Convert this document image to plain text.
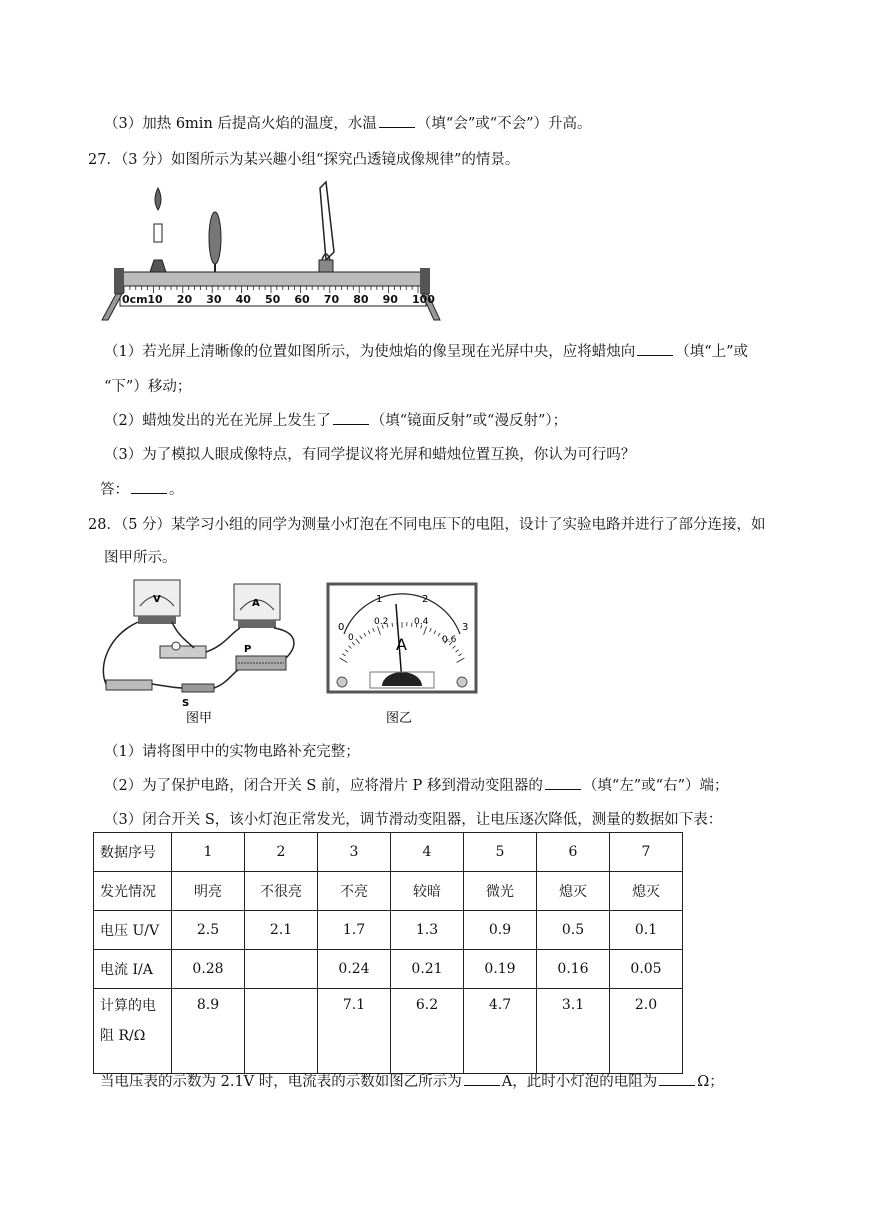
（3）加热 6min 后提高火焰的温度，水温	（填“会”或“不会”）升高。
27．（3 分）如图所示为某兴趣小组“探究凸透镜成像规律”的情景。
0cm 10 20 30 40 50 60 70 80 90 100
（1）若光屏上清晰像的位置如图所示，为使烛焰的像呈现在光屏中央，应将蜡烛向	（填“上”或
“下”）移动；
（2）蜡烛发出的光在光屏上发生了	（填“镜面反射”或“漫反射”）；
（3）为了模拟人眼成像特点，有同学提议将光屏和蜡烛位置互换，你认为可行吗？
答：	。
28．（5 分）某学习小组的同学为测量小灯泡在不同电压下的电阻，设计了实验电路并进行了部分连接，如
图甲所示。
V	A
P
S
图甲
0
1	2
3
0
0.2	0.4
0.6
A
图乙
（1）请将图甲中的实物电路补充完整；
（2）为了保护电路，闭合开关 S 前，应将滑片 P 移到滑动变阻器的	（填“左”或“右”）端；
（3）闭合开关 S，该小灯泡正常发光，调节滑动变阻器，让电压逐次降低，测量的数据如下表：
数据序号	1	2	3	4	5	6	7
发光情况	明亮	不很亮	不亮	较暗	微光	熄灭	熄灭
电压 U/V	2.5	2.1	1.7	1.3	0.9	0.5	0.1
电流 I/A	0.28		0.24	0.21	0.19	0.16	0.05
计算的电
阻 R/Ω	8.9		7.1	6.2	4.7	3.1	2.0
当电压表的示数为 2.1V 时，电流表的示数如图乙所示为	A，此时小灯泡的电阻为	Ω；
